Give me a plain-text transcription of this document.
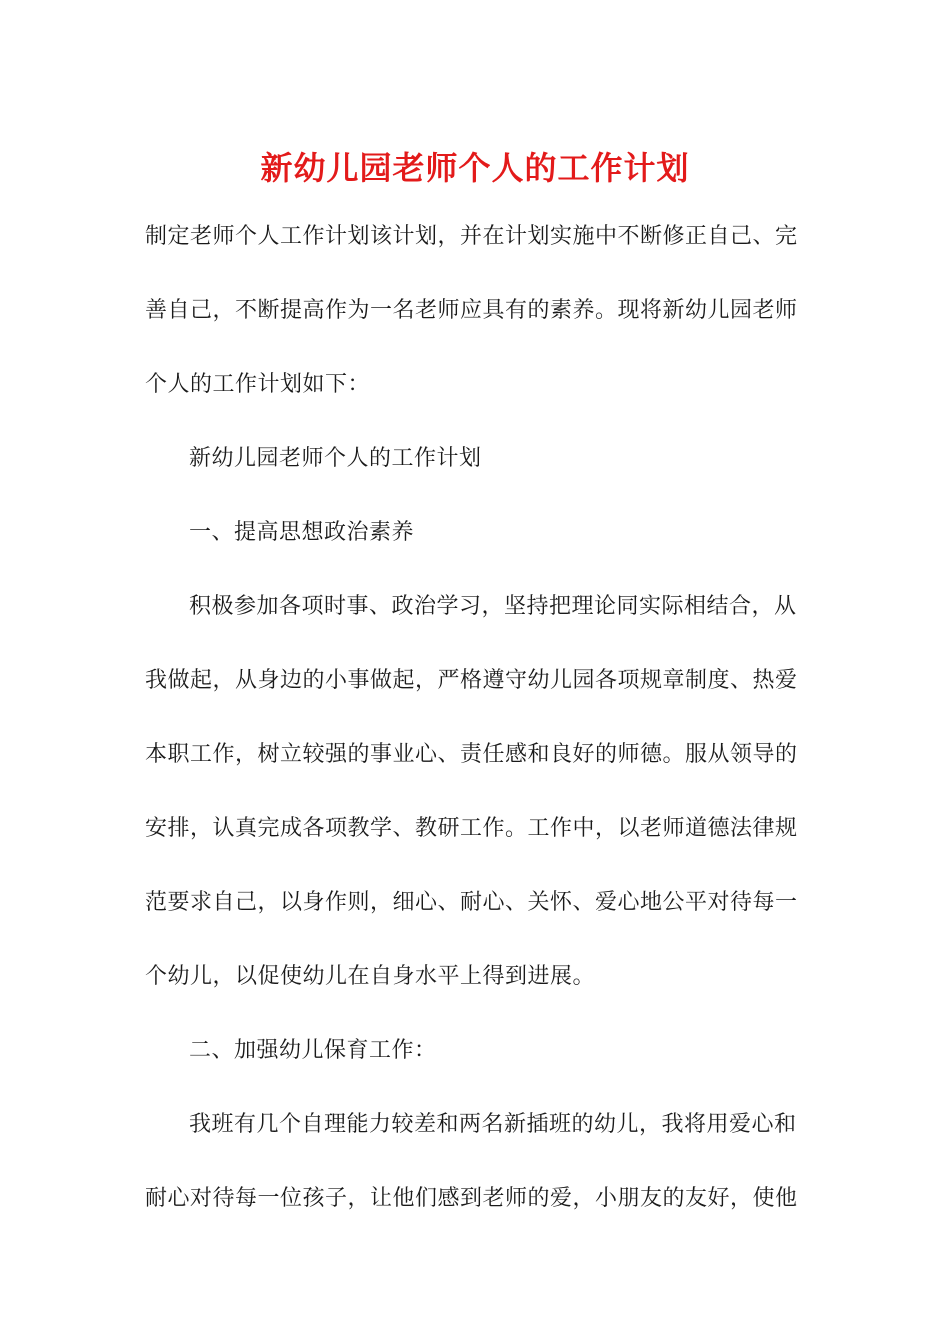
新幼儿园老师个人的工作计划
制定老师个人工作计划该计划，并在计划实施中不断修正自己、完
善自己，不断提高作为一名老师应具有的素养。现将新幼儿园老师
个人的工作计划如下：
新幼儿园老师个人的工作计划
一、提高思想政治素养
积极参加各项时事、政治学习，坚持把理论同实际相结合，从
我做起，从身边的小事做起，严格遵守幼儿园各项规章制度、热爱
本职工作，树立较强的事业心、责任感和良好的师德。服从领导的
安排，认真完成各项教学、教研工作。工作中，以老师道德法律规
范要求自己，以身作则，细心、耐心、关怀、爱心地公平对待每一
个幼儿，以促使幼儿在自身水平上得到进展。
二、加强幼儿保育工作：
我班有几个自理能力较差和两名新插班的幼儿，我将用爱心和
耐心对待每一位孩子，让他们感到老师的爱，小朋友的友好，使他
